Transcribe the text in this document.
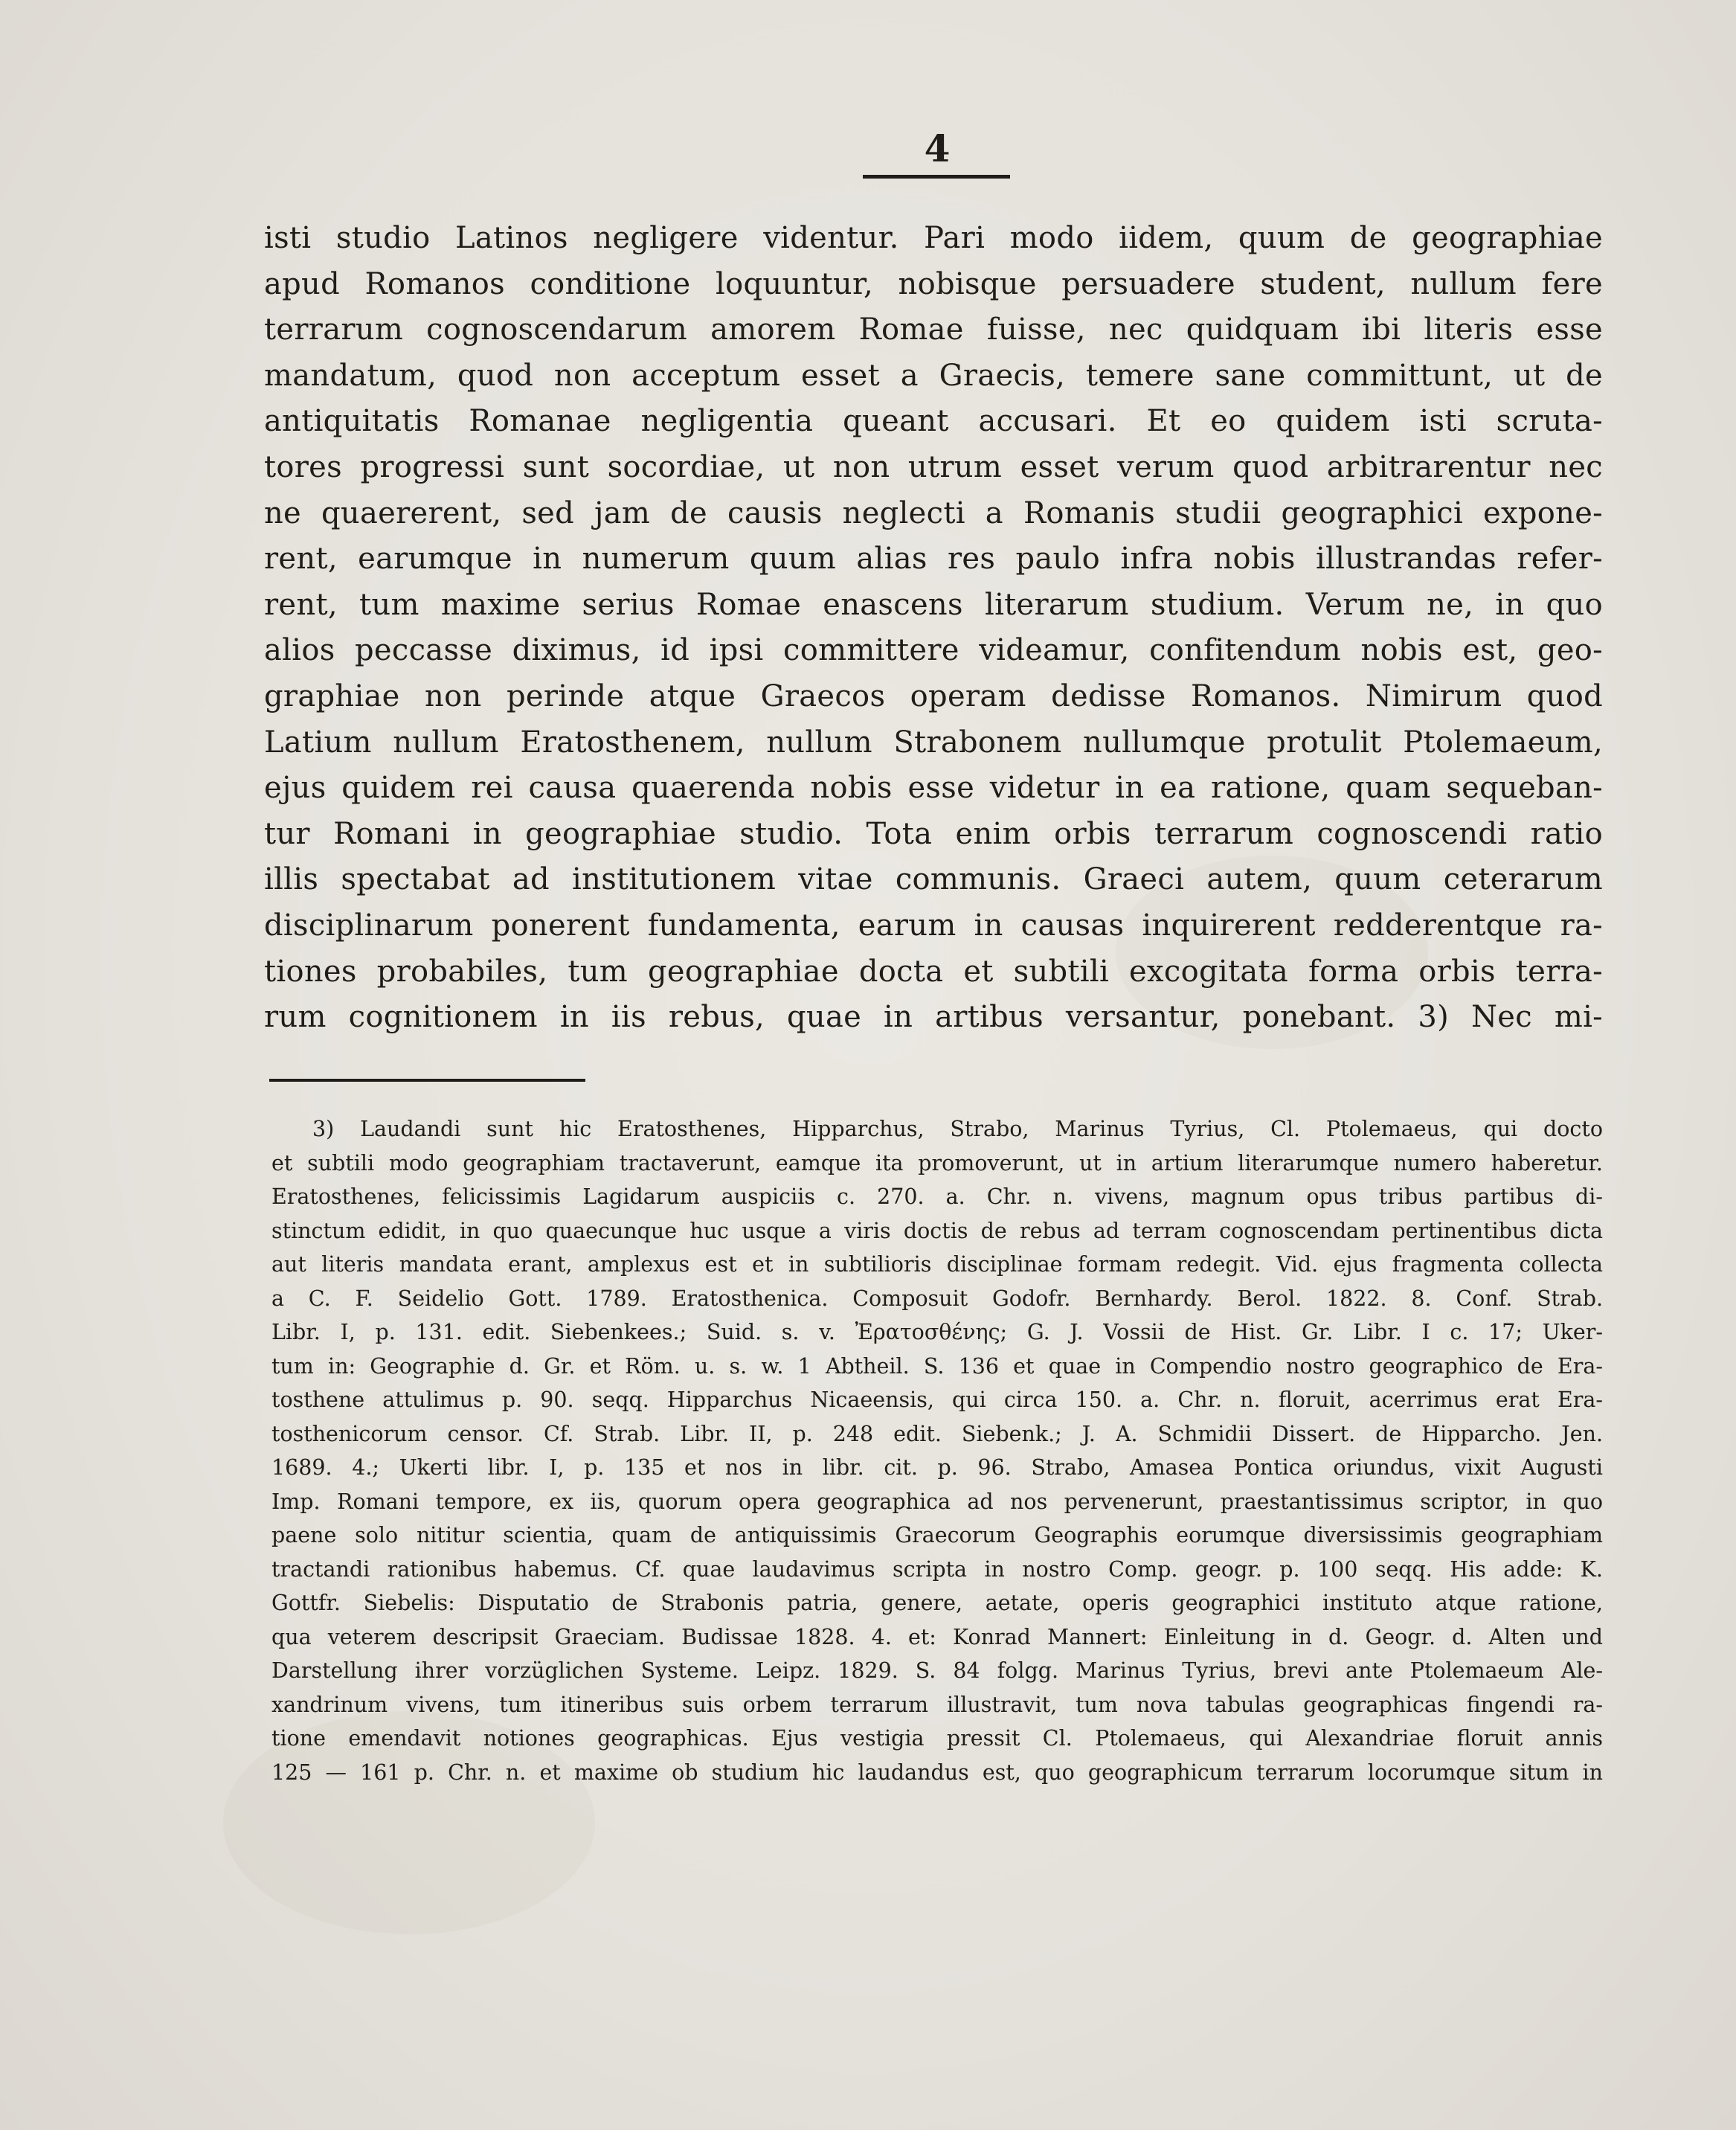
4
isti studio Latinos negligere videntur. Pari modo iidem, quum de geographiae
apud Romanos conditione loquuntur, nobisque persuadere student, nullum fere
terrarum cognoscendarum amorem Romae fuisse, nec quidquam ibi literis esse
mandatum, quod non acceptum esset a Graecis, temere sane committunt, ut de
antiquitatis Romanae negligentia queant accusari. Et eo quidem isti scruta-
tores progressi sunt socordiae, ut non utrum esset verum quod arbitrarentur nec
ne quaererent, sed jam de causis neglecti a Romanis studii geographici expone-
rent, earumque in numerum quum alias res paulo infra nobis illustrandas refer-
rent, tum maxime serius Romae enascens literarum studium. Verum ne, in quo
alios peccasse diximus, id ipsi committere videamur, confitendum nobis est, geo-
graphiae non perinde atque Graecos operam dedisse Romanos. Nimirum quod
Latium nullum Eratosthenem, nullum Strabonem nullumque protulit Ptolemaeum,
ejus quidem rei causa quaerenda nobis esse videtur in ea ratione, quam sequeban-
tur Romani in geographiae studio. Tota enim orbis terrarum cognoscendi ratio
illis spectabat ad institutionem vitae communis. Graeci autem, quum ceterarum
disciplinarum ponerent fundamenta, earum in causas inquirerent redderentque ra-
tiones probabiles, tum geographiae docta et subtili excogitata forma orbis terra-
rum cognitionem in iis rebus, quae in artibus versantur, ponebant. 3) Nec mi-
3) Laudandi sunt hic Eratosthenes, Hipparchus, Strabo, Marinus Tyrius, Cl. Ptolemaeus, qui docto
et subtili modo geographiam tractaverunt, eamque ita promoverunt, ut in artium literarumque numero haberetur.
Eratosthenes, felicissimis Lagidarum auspiciis c. 270. a. Chr. n. vivens, magnum opus tribus partibus di-
stinctum edidit, in quo quaecunque huc usque a viris doctis de rebus ad terram cognoscendam pertinentibus dicta
aut literis mandata erant, amplexus est et in subtilioris disciplinae formam redegit. Vid. ejus fragmenta collecta
a C. F. Seidelio Gott. 1789. Eratosthenica. Composuit Godofr. Bernhardy. Berol. 1822. 8. Conf. Strab.
Libr. I, p. 131. edit. Siebenkees.; Suid. s. v. Ἐρατοσθένης; G. J. Vossii de Hist. Gr. Libr. I c. 17; Uker-
tum in: Geographie d. Gr. et Röm. u. s. w. 1 Abtheil. S. 136 et quae in Compendio nostro geographico de Era-
tosthene attulimus p. 90. seqq. Hipparchus Nicaeensis, qui circa 150. a. Chr. n. floruit, acerrimus erat Era-
tosthenicorum censor. Cf. Strab. Libr. II, p. 248 edit. Siebenk.; J. A. Schmidii Dissert. de Hipparcho. Jen.
1689. 4.; Ukerti libr. I, p. 135 et nos in libr. cit. p. 96. Strabo, Amasea Pontica oriundus, vixit Augusti
Imp. Romani tempore, ex iis, quorum opera geographica ad nos pervenerunt, praestantissimus scriptor, in quo
paene solo nititur scientia, quam de antiquissimis Graecorum Geographis eorumque diversissimis geographiam
tractandi rationibus habemus. Cf. quae laudavimus scripta in nostro Comp. geogr. p. 100 seqq. His adde: K.
Gottfr. Siebelis: Disputatio de Strabonis patria, genere, aetate, operis geographici instituto atque ratione,
qua veterem descripsit Graeciam. Budissae 1828. 4. et: Konrad Mannert: Einleitung in d. Geogr. d. Alten und
Darstellung ihrer vorzüglichen Systeme. Leipz. 1829. S. 84 folgg. Marinus Tyrius, brevi ante Ptolemaeum Ale-
xandrinum vivens, tum itineribus suis orbem terrarum illustravit, tum nova tabulas geographicas fingendi ra-
tione emendavit notiones geographicas. Ejus vestigia pressit Cl. Ptolemaeus, qui Alexandriae floruit annis
125 — 161 p. Chr. n. et maxime ob studium hic laudandus est, quo geographicum terrarum locorumque situm in
